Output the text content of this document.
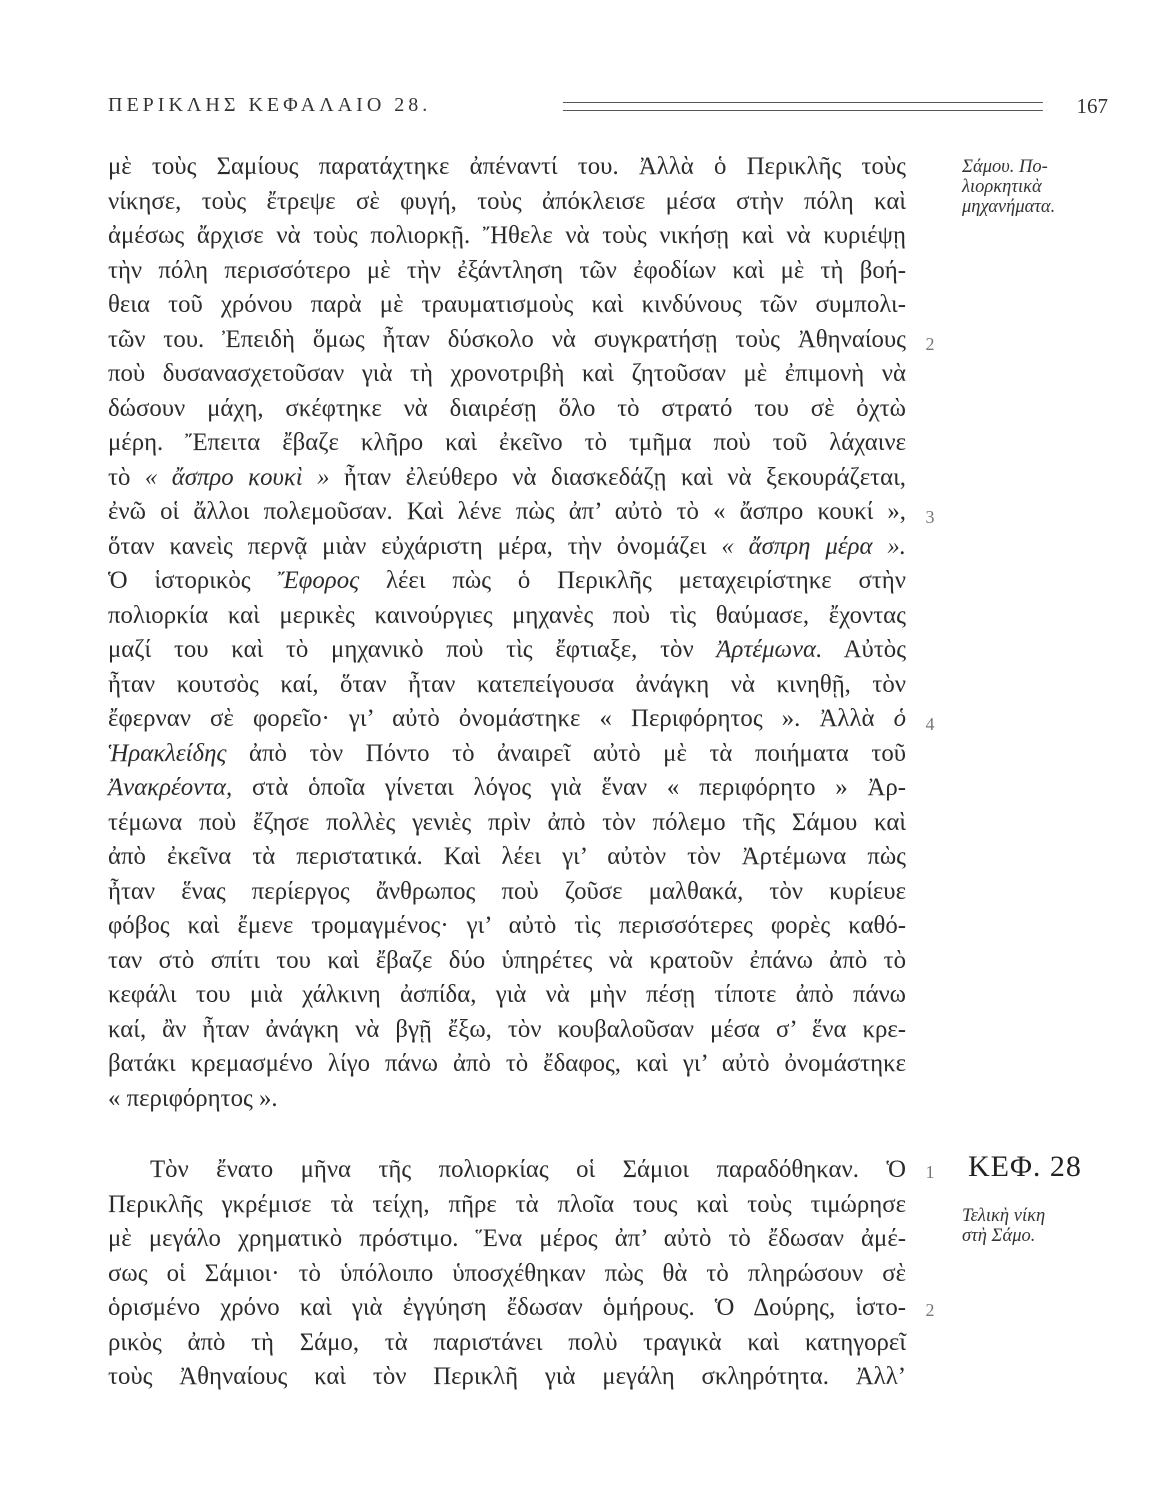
ΠΕΡΙΚΛΗΣ ΚΕΦΑΛΑΙΟ 28.	167
μὲ τοὺς Σαμίους παρατάχτηκε ἀπέναντί του. Ἀλλὰ ὁ Περικλῆς τοὺς
νίκησε, τοὺς ἔτρεψε σὲ φυγή, τοὺς ἀπόκλεισε μέσα στὴν πόλη καὶ
ἀμέσως ἄρχισε νὰ τοὺς πολιορκῇ. Ἤθελε νὰ τοὺς νικήσῃ καὶ νὰ κυριέψῃ
τὴν πόλη περισσότερο μὲ τὴν ἐξάντληση τῶν ἐφοδίων καὶ μὲ τὴ βοή-
θεια τοῦ χρόνου παρὰ μὲ τραυματισμοὺς καὶ κινδύνους τῶν συμπολι-
τῶν του. Ἐπειδὴ ὅμως ἦταν δύσκολο νὰ συγκρατήσῃ τοὺς Ἀθηναίους
ποὺ δυσανασχετοῦσαν γιὰ τὴ χρονοτριβὴ καὶ ζητοῦσαν μὲ ἐπιμονὴ νὰ
δώσουν μάχη, σκέφτηκε νὰ διαιρέσῃ ὅλο τὸ στρατό του σὲ ὀχτὼ
μέρη. Ἔπειτα ἔβαζε κλῆρο καὶ ἐκεῖνο τὸ τμῆμα ποὺ τοῦ λάχαινε
τὸ « ἄσπρο κουκὶ » ἦταν ἐλεύθερο νὰ διασκεδάζῃ καὶ νὰ ξεκουράζεται,
ἐνῶ οἱ ἄλλοι πολεμοῦσαν. Καὶ λένε πὼς ἀπ’ αὐτὸ τὸ « ἄσπρο κουκί »,
ὅταν κανεὶς περνᾷ μιὰν εὐχάριστη μέρα, τὴν ὀνομάζει « ἄσπρη μέρα ».
Ὁ ἱστορικὸς Ἔφορος λέει πὼς ὁ Περικλῆς μεταχειρίστηκε στὴν
πολιορκία καὶ μερικὲς καινούργιες μηχανὲς ποὺ τὶς θαύμασε, ἔχοντας
μαζί του καὶ τὸ μηχανικὸ ποὺ τὶς ἔφτιαξε, τὸν Ἀρτέμωνα. Αὐτὸς
ἦταν κουτσὸς καί, ὅταν ἦταν κατεπείγουσα ἀνάγκη νὰ κινηθῇ, τὸν
ἔφερναν σὲ φορεῖο· γι’ αὐτὸ ὀνομάστηκε « Περιφόρητος ». Ἀλλὰ ὁ
Ἡρακλείδης ἀπὸ τὸν Πόντο τὸ ἀναιρεῖ αὐτὸ μὲ τὰ ποιήματα τοῦ
Ἀνακρέοντα, στὰ ὁποῖα γίνεται λόγος γιὰ ἕναν « περιφόρητο » Ἀρ-
τέμωνα ποὺ ἔζησε πολλὲς γενιὲς πρὶν ἀπὸ τὸν πόλεμο τῆς Σάμου καὶ
ἀπὸ ἐκεῖνα τὰ περιστατικά. Καὶ λέει γι’ αὐτὸν τὸν Ἀρτέμωνα πὼς
ἦταν ἕνας περίεργος ἄνθρωπος ποὺ ζοῦσε μαλθακά, τὸν κυρίευε
φόβος καὶ ἔμενε τρομαγμένος· γι’ αὐτὸ τὶς περισσότερες φορὲς καθό-
ταν στὸ σπίτι του καὶ ἔβαζε δύο ὑπηρέτες νὰ κρατοῦν ἐπάνω ἀπὸ τὸ
κεφάλι του μιὰ χάλκινη ἀσπίδα, γιὰ νὰ μὴν πέσῃ τίποτε ἀπὸ πάνω
καί, ἂν ἦταν ἀνάγκη νὰ βγῇ ἔξω, τὸν κουβαλοῦσαν μέσα σ’ ἕνα κρε-
βατάκι κρεμασμένο λίγο πάνω ἀπὸ τὸ ἔδαφος, καὶ γι’ αὐτὸ ὀνομάστηκε
« περιφόρητος ».
Τὸν ἔνατο μῆνα τῆς πολιορκίας οἱ Σάμιοι παραδόθηκαν. Ὁ
Περικλῆς γκρέμισε τὰ τείχη, πῆρε τὰ πλοῖα τους καὶ τοὺς τιμώρησε
μὲ μεγάλο χρηματικὸ πρόστιμο. Ἕνα μέρος ἀπ’ αὐτὸ τὸ ἔδωσαν ἀμέ-
σως οἱ Σάμιοι· τὸ ὑπόλοιπο ὑποσχέθηκαν πὼς θὰ τὸ πληρώσουν σὲ
ὁρισμένο χρόνο καὶ γιὰ ἐγγύηση ἔδωσαν ὁμήρους. Ὁ Δούρης, ἱστο-
ρικὸς ἀπὸ τὴ Σάμο, τὰ παριστάνει πολὺ τραγικὰ καὶ κατηγορεῖ
τοὺς Ἀθηναίους καὶ τὸν Περικλῆ γιὰ μεγάλη σκληρότητα. Ἀλλ’
2
3
4
1
2
Σάμου. Πο-
λιορκητικὰ
μηχανήματα.
ΚΕΦ. 28
Τελικὴ νίκη
στὴ Σάμο.
